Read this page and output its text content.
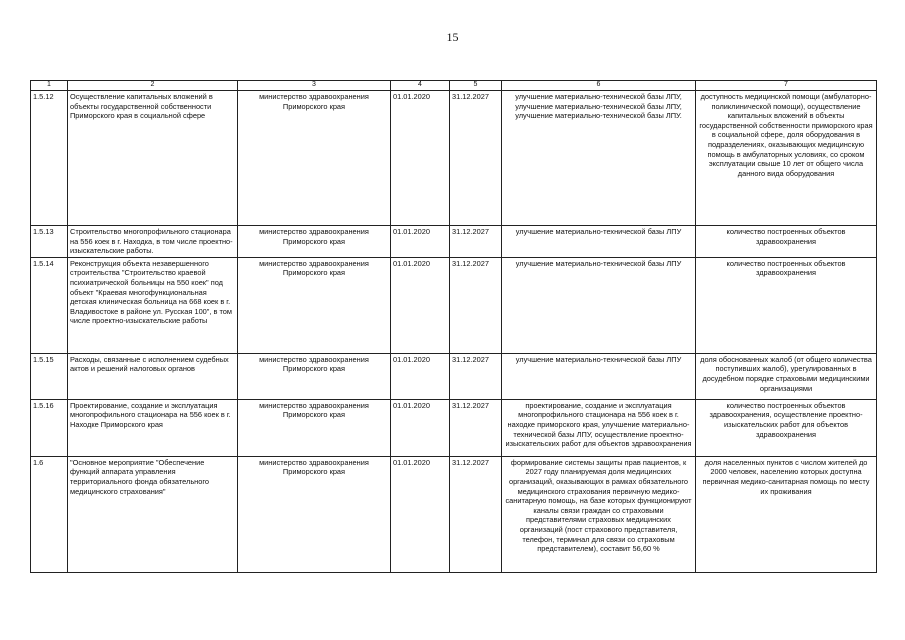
15
1	2	3	4	5	6	7
1.5.12	Осуществление капитальных вложений в объекты государственной собственности Приморского края в социальной сфере	министерство здравоохранения Приморского края	01.01.2020	31.12.2027	улучшение материально-технической базы ЛПУ, улучшение материально-технической базы ЛПУ, улучшение материально-технической базы ЛПУ.	доступность медицинской помощи (амбулаторно-поликлинической помощи), осуществление капитальных вложений в объекты государственной собственности приморского края в социальной сфере, доля оборудования в подразделениях, оказывающих медицинскую помощь в амбулаторных условиях, со сроком эксплуатации свыше 10 лет от общего числа данного вида оборудования
1.5.13	Строительство многопрофильного стационара на 556 коек в г. Находка, в том числе проектно-изыскательские работы.	министерство здравоохранения Приморского края	01.01.2020	31.12.2027	улучшение материально-технической базы ЛПУ	количество построенных объектов здравоохранения
1.5.14	Реконструкция объекта незавершенного строительства "Строительство краевой психиатрической больницы на 550 коек" под объект "Краевая многофункциональная детская клиническая больница на 668 коек в г. Владивостоке в районе ул. Русская 100", в том числе проектно-изыскательские работы	министерство здравоохранения Приморского края	01.01.2020	31.12.2027	улучшение материально-технической базы ЛПУ	количество построенных объектов здравоохранения
1.5.15	Расходы, связанные с исполнением судебных актов и решений налоговых органов	министерство здравоохранения Приморского края	01.01.2020	31.12.2027	улучшение материально-технической базы ЛПУ	доля обоснованных жалоб (от общего количества поступивших жалоб), урегулированных в досудебном порядке страховыми медицинскими организациями
1.5.16	Проектирование, создание и эксплуатация многопрофильного стационара на 556 коек в г. Находке Приморского края	министерство здравоохранения Приморского края	01.01.2020	31.12.2027	проектирование, создание и эксплуатация многопрофильного стационара на 556 коек в г. находке приморского края, улучшение материально-технической базы ЛПУ, осуществление проектно-изыскательских работ для объектов здравоохранения	количество построенных объектов здравоохранения, осуществление проектно-изыскательских работ для объектов здравоохранения
1.6	"Основное мероприятие "Обеспечение функций аппарата управления территориального фонда обязательного медицинского страхования"	министерство здравоохранения Приморского края	01.01.2020	31.12.2027	формирование системы защиты прав пациентов, к 2027 году планируемая доля медицинских организаций, оказывающих в рамках обязательного медицинского страхования первичную медико-санитарную помощь, на базе которых функционируют каналы связи граждан со страховыми представителями страховых медицинских организаций (пост страхового представителя, телефон, терминал для связи со страховым представителем), составит 56,60 %	доля населенных пунктов с числом жителей до 2000 человек, населению которых доступна первичная медико-санитарная помощь по месту их проживания
